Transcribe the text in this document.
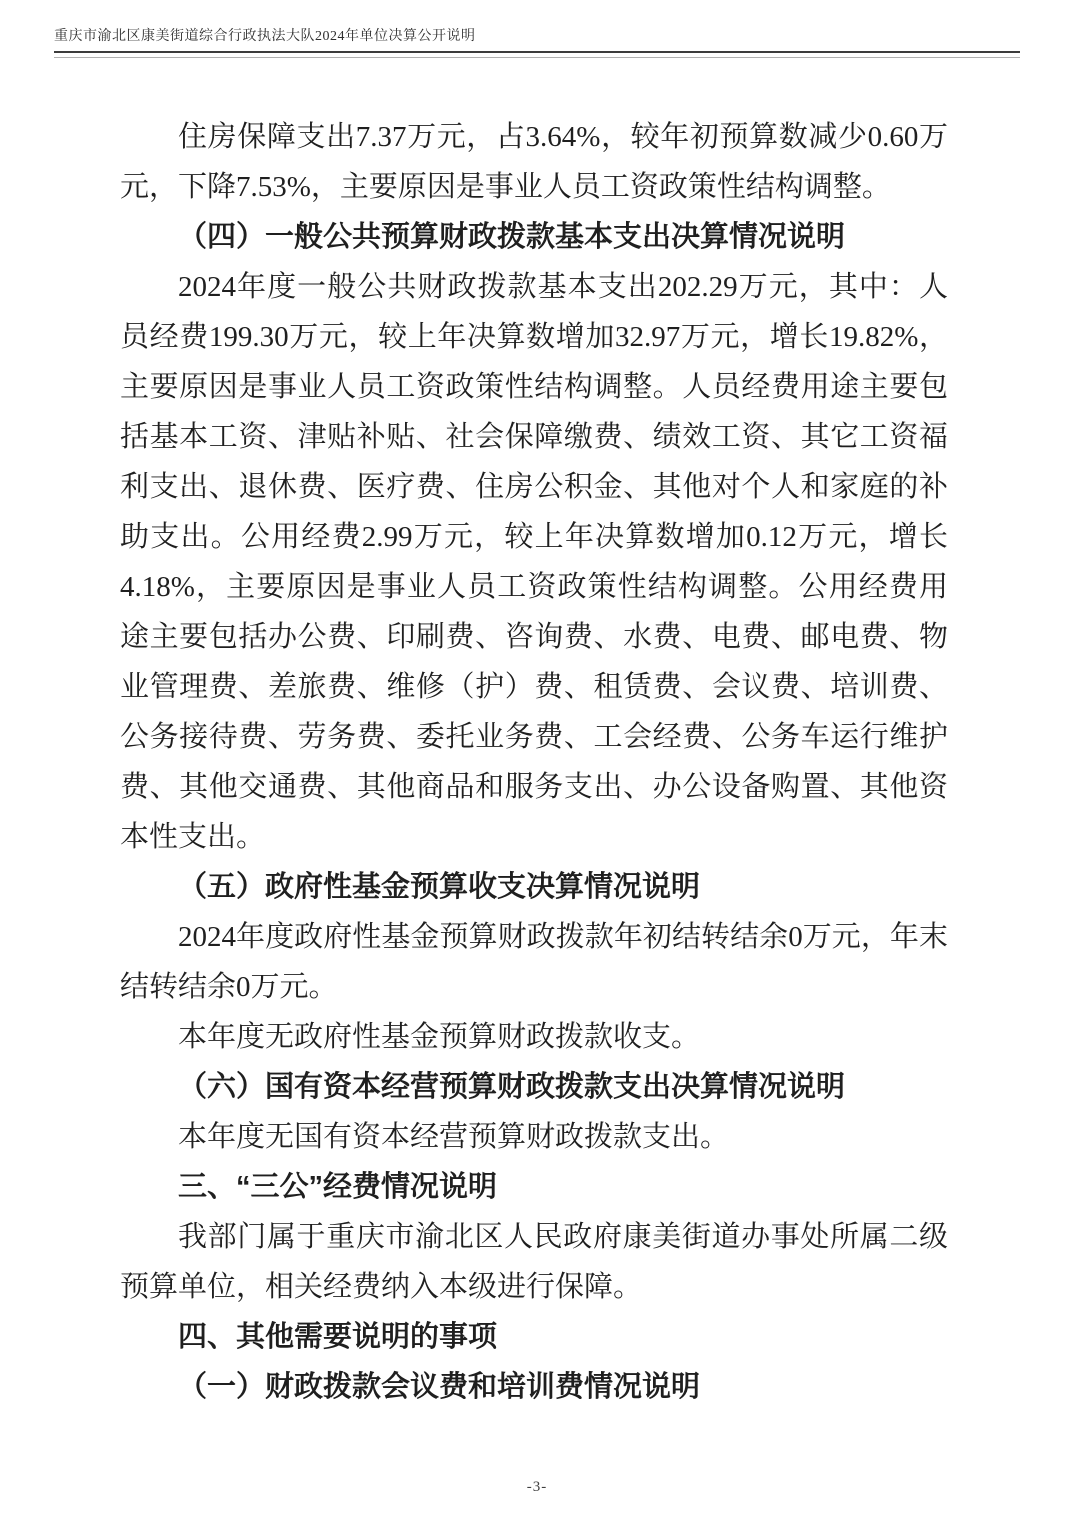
重庆市渝北区康美街道综合行政执法大队2024年单位决算公开说明

住房保障支出7.37万元，占3.64%，较年初预算数减少0.60万元，下降7.53%，主要原因是事业人员工资政策性结构调整。

（四）一般公共预算财政拨款基本支出决算情况说明

2024年度一般公共财政拨款基本支出202.29万元，其中：人员经费199.30万元，较上年决算数增加32.97万元，增长19.82%，主要原因是事业人员工资政策性结构调整。人员经费用途主要包括基本工资、津贴补贴、社会保障缴费、绩效工资、其它工资福利支出、退休费、医疗费、住房公积金、其他对个人和家庭的补助支出。公用经费2.99万元，较上年决算数增加0.12万元，增长4.18%，主要原因是事业人员工资政策性结构调整。公用经费用途主要包括办公费、印刷费、咨询费、水费、电费、邮电费、物业管理费、差旅费、维修（护）费、租赁费、会议费、培训费、公务接待费、劳务费、委托业务费、工会经费、公务车运行维护费、其他交通费、其他商品和服务支出、办公设备购置、其他资本性支出。

（五）政府性基金预算收支决算情况说明

2024年度政府性基金预算财政拨款年初结转结余0万元，年末结转结余0万元。

本年度无政府性基金预算财政拨款收支。

（六）国有资本经营预算财政拨款支出决算情况说明

本年度无国有资本经营预算财政拨款支出。

三、“三公”经费情况说明

我部门属于重庆市渝北区人民政府康美街道办事处所属二级预算单位，相关经费纳入本级进行保障。

四、其他需要说明的事项

（一）财政拨款会议费和培训费情况说明

-3-
